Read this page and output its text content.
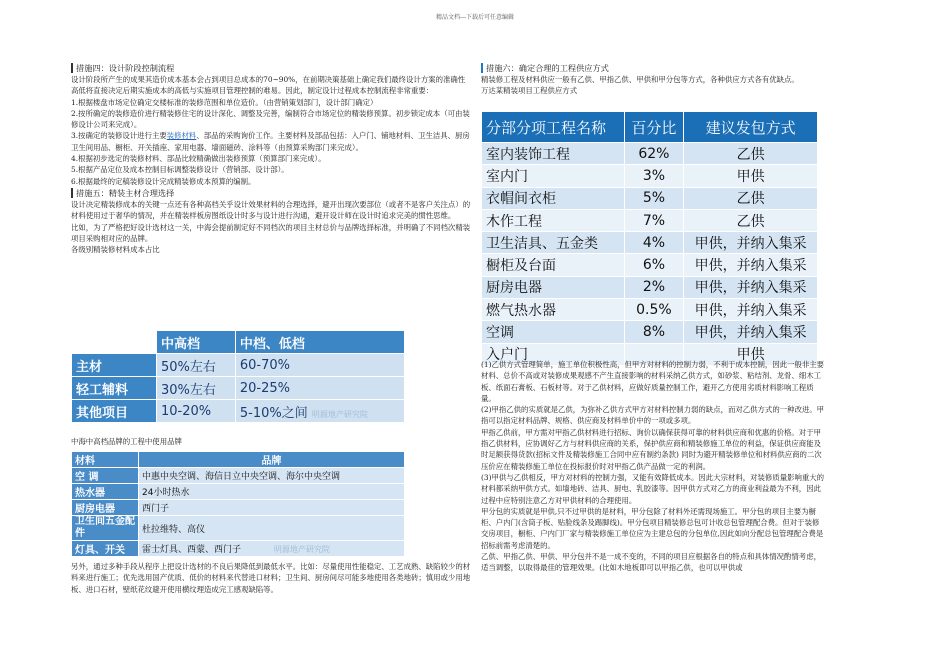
精品文档---下载后可任意编辑
措施四：设计阶段控制流程

设计阶段所产生的成果其造价成本基本会占到项目总成本的70~90%，在前期决策基础上确定我们最终设计方案的准确性高低将直接决定后期实施成本的高低与实施项目管理控制的难易。因此，制定设计过程成本控制流程非常重要：

1.根据楼盘市场定位确定交楼标准的装修范围和单位造价。（由营销策划部门，设计部门确定）

2.按所确定的装修造价进行精装修住宅的设计深化、调整及完善，编制符合市场定位的精装修预算。初步锁定成本（可由装修设计公司来完成）。

3.按确定的装修设计进行主要装修材料、部品的采购询价工作。主要材料及部品包括：入户门、铺地材料、卫生洁具、厨房卫生间用品、橱柜、开关插座、家用电器、墙面磁砖、涂料等（由预算采购部门来完成）。

4.根据初步选定的装修材料、部品比较精确做出装修预算（预算部门来完成）。

5.根据产品定位及成本控制目标调整装修设计（营销部、设计部）。

6.根据最终的定稿装修设计完成精装修成本预算的编制。

措施五：精装主材合理选择

设计决定精装修成本的关键一点还有各种高档关乎设计效果材料的合理选择，避开出现次要部位（或者不是客户关注点）的材料使用过于奢华的情况，并在精装样板房图纸设计时多与设计进行沟通，避开设计师在设计时追求完美的惯性思维。

比如，为了严格把好设计选材这一关，中海会提前制定好不同档次的项目主材总价与品牌选择标准，并明确了不同档次精装项目采购相对应的品牌。

各级别精装修材料成本占比

	中高档	中档、低档
主材	50%左右	60-70%
轻工辅料	30%左右	20-25%
其他项目	10-20%	5-10%之间 明源地产研究院

中海中高档品牌的工程中使用品牌

材料	品牌
空 调	中惠中央空调、海信日立中央空调、海尔中央空调
热水器	24小时热水
厨房电器	西门子
卫生间五金配件	杜拉维特、高仪
灯具、开关	雷士灯具、西蒙、西门子 明源地产研究院

另外，通过多种手段从程序上把设计选材的不良后果降低到最低水平。比如：尽量使用性能稳定、工艺成熟、缺陷较少的材料来进行施工；优先选用国产优质、低价的材料来代替进口材料；卫生间、厨房间尽可能多地使用各类地砖；慎用或少用地板、进口石材，壁纸花纹避开使用横纹理造成完工感观缺陷等。

措施六：确定合理的工程供应方式

精装修工程及材料供应一般有乙供、甲指乙供、甲供和甲分包等方式，各种供应方式各有优缺点。

万达某精装项目工程供应方式

分部分项工程名称	百分比	建议发包方式
室内装饰工程	62%	乙供
室内门	3%	甲供
衣帽间衣柜	5%	乙供
木作工程	7%	乙供
卫生洁具、五金类	4%	甲供，并纳入集采
橱柜及台面	6%	甲供，并纳入集采
厨房电器	2%	甲供，并纳入集采
燃气热水器	0.5%	甲供，并纳入集采
空调	8%	甲供，并纳入集采
入户门		甲供

(1)乙供方式管理简单，施工单位积极性高，但甲方对材料的控制力弱，不利于成本控制，因此一般非主要材料、总价不高或对装修成果观感不产生直接影响的材料采纳乙供方式，如砂浆、粘结剂、龙骨、细木工板、纸面石膏板、石板材等。对于乙供材料，应做好质量控制工作，避开乙方使用劣质材料影响工程质量。

(2)甲指乙供的实质就是乙供，为弥补乙供方式甲方对材料控制力弱的缺点，而对乙供方式的一种改进。甲指可以指定材料品牌、规格、供应商及材料单价中的一项或多项。

甲指乙供前，甲方需对甲指乙供材料进行招标、询价以确保获得可靠的材料供应商和优惠的价格。对于甲指乙供材料，应协调好乙方与材料供应商的关系，保护供应商和精装修施工单位的利益，保证供应商能及时足额获得货款(招标文件及精装修施工合同中应有制约条款) 同时为避开精装修单位和材料供应商的二次压价应在精装修施工单位在投标报价时对甲指乙供产品做一定的利润。

(3)甲供与乙供相反，甲方对材料的控制力强，又能有效降低成本。因此大宗材料，对装修质量影响重大的材料都采纳甲供方式。如墙地砖、洁具、厨电、乳胶漆等。因甲供方式对乙方的商业利益最为不利，因此过程中应特别注意乙方对甲供材料的合理使用。

甲分包的实质就是甲供,只不过甲供的是材料，甲分包除了材料外还需现场施工。甲分包的项目主要为橱柜、户内门(含筒子板、贴脸线条及踢脚线)。甲分包项目精装修总包可计收总包管理配合费。但对于装修交房项目，橱柜、户内门厂家与精装修施工单位应为主建总包的分包单位,因此如向分配总包管理配合费是招标前需考虑清楚的。

乙供、甲指乙供、甲供、甲分包并不是一成不变的，不同的项目应根据各自的特点和具体情况酌情考虑，适当调整，以取得最佳的管理效果。(比如木地板即可以甲指乙供，也可以甲供或
